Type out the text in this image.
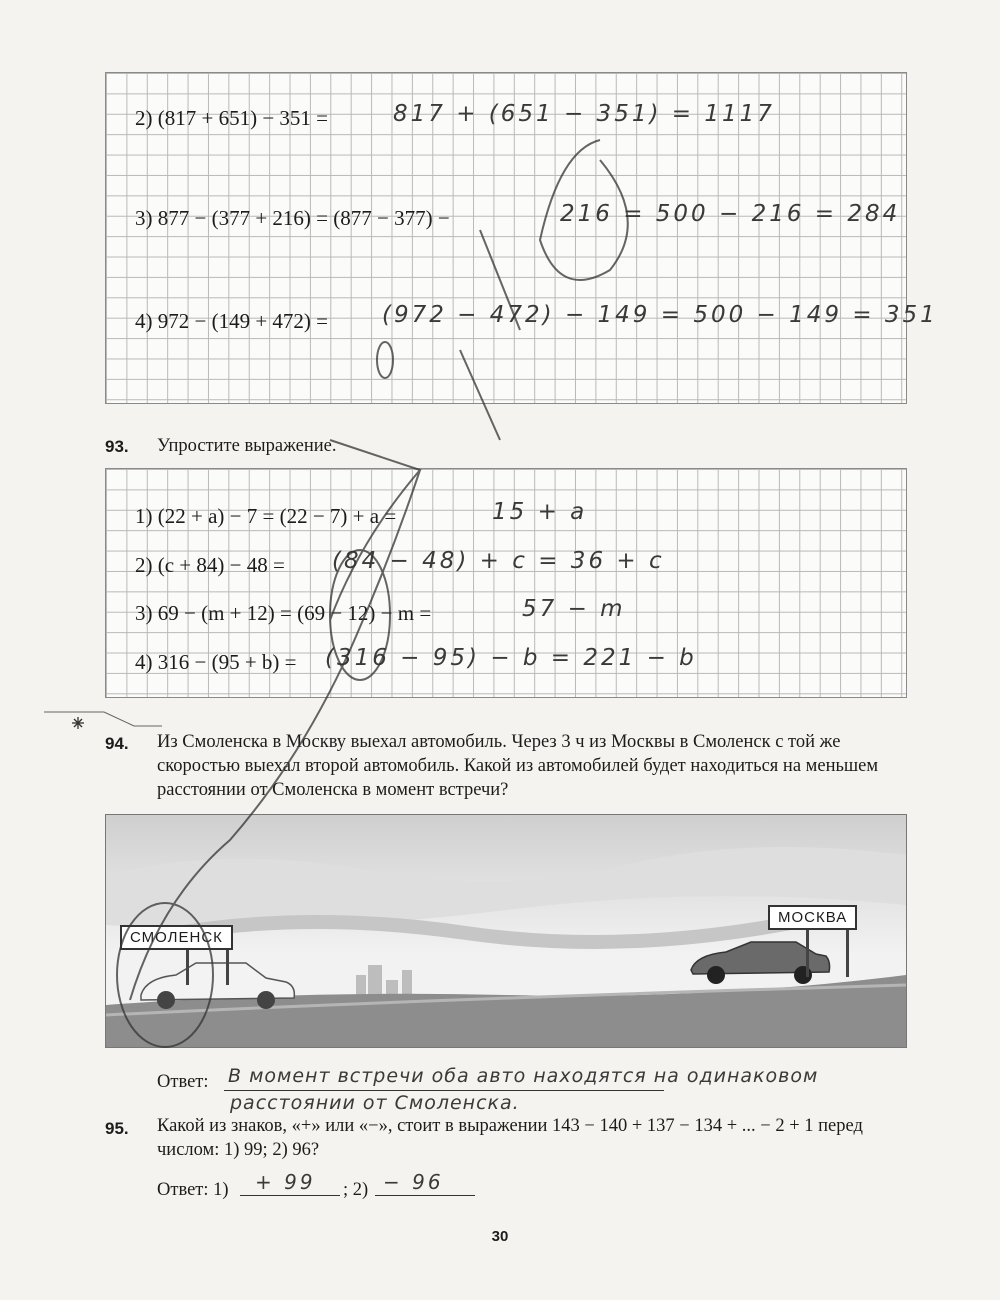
2) (817 + 651) − 351 =	817 + (651 − 351) = 1117
3) 877 − (377 + 216) = (877 − 377) −	216 = 500 − 216 = 284
4) 972 − (149 + 472) = (972 − 472) − 149 = 500 − 149 = 351
93. Упростите выражение.
1) (22 + a) − 7 = (22 − 7) + a =	15 + a
2) (c + 84) − 48 = (84 − 48) + c = 36 + c
3) 69 − (m + 12) = (69 − 12) − m =	57 − m
4) 316 − (95 + b) = (316 − 95) − b = 221 − b
94. Из Смоленска в Москву выехал автомобиль. Через 3 ч из Москвы в Смоленск с той же скоростью выехал второй автомобиль. Какой из автомобилей будет находиться на меньшем расстоянии от Смоленска в момент встречи?
СМОЛЕНСК
МОСКВА
Ответ: В момент встречи оба авто находятся на одинаковом
расстоянии от Смоленска.
95. Какой из знаков, «+» или «−», стоит в выражении 143 − 140 + 137 − 134 + ... − 2 + 1 перед числом: 1) 99; 2) 96?
Ответ: 1) + 99 ; 2) − 96
30
